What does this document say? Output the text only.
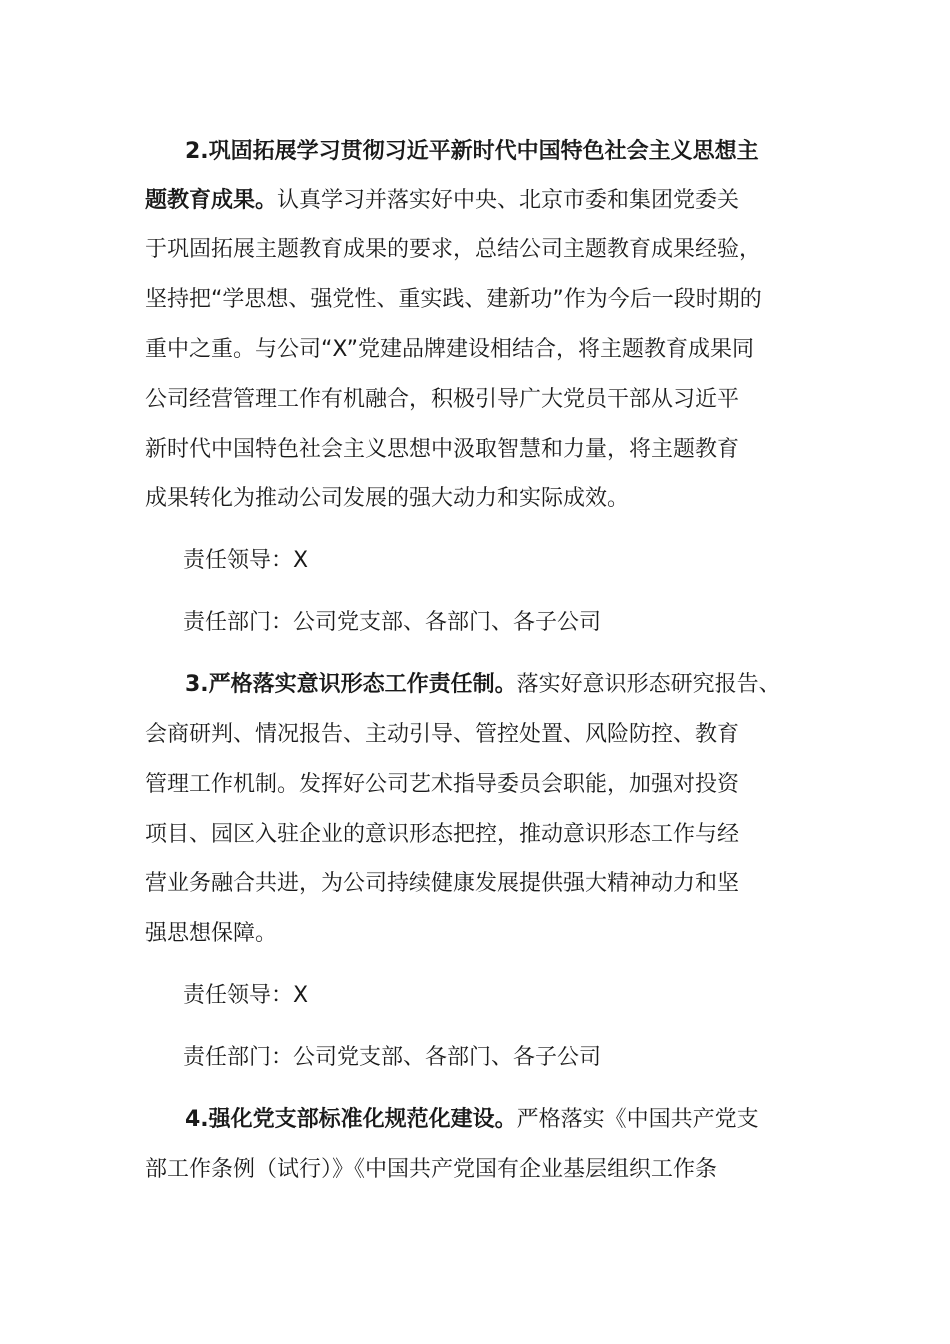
2.巩固拓展学习贯彻习近平新时代中国特色社会主义思想主
题教育成果。认真学习并落实好中央、北京市委和集团党委关
于巩固拓展主题教育成果的要求，总结公司主题教育成果经验，
坚持把“学思想、强党性、重实践、建新功”作为今后一段时期的
重中之重。与公司“X”党建品牌建设相结合，将主题教育成果同
公司经营管理工作有机融合，积极引导广大党员干部从习近平
新时代中国特色社会主义思想中汲取智慧和力量，将主题教育
成果转化为推动公司发展的强大动力和实际成效。
责任领导：X
责任部门：公司党支部、各部门、各子公司
3.严格落实意识形态工作责任制。落实好意识形态研究报告、
会商研判、情况报告、主动引导、管控处置、风险防控、教育
管理工作机制。发挥好公司艺术指导委员会职能，加强对投资
项目、园区入驻企业的意识形态把控，推动意识形态工作与经
营业务融合共进，为公司持续健康发展提供强大精神动力和坚
强思想保障。
责任领导：X
责任部门：公司党支部、各部门、各子公司
4.强化党支部标准化规范化建设。严格落实《中国共产党支
部工作条例（试行）》《中国共产党国有企业基层组织工作条
